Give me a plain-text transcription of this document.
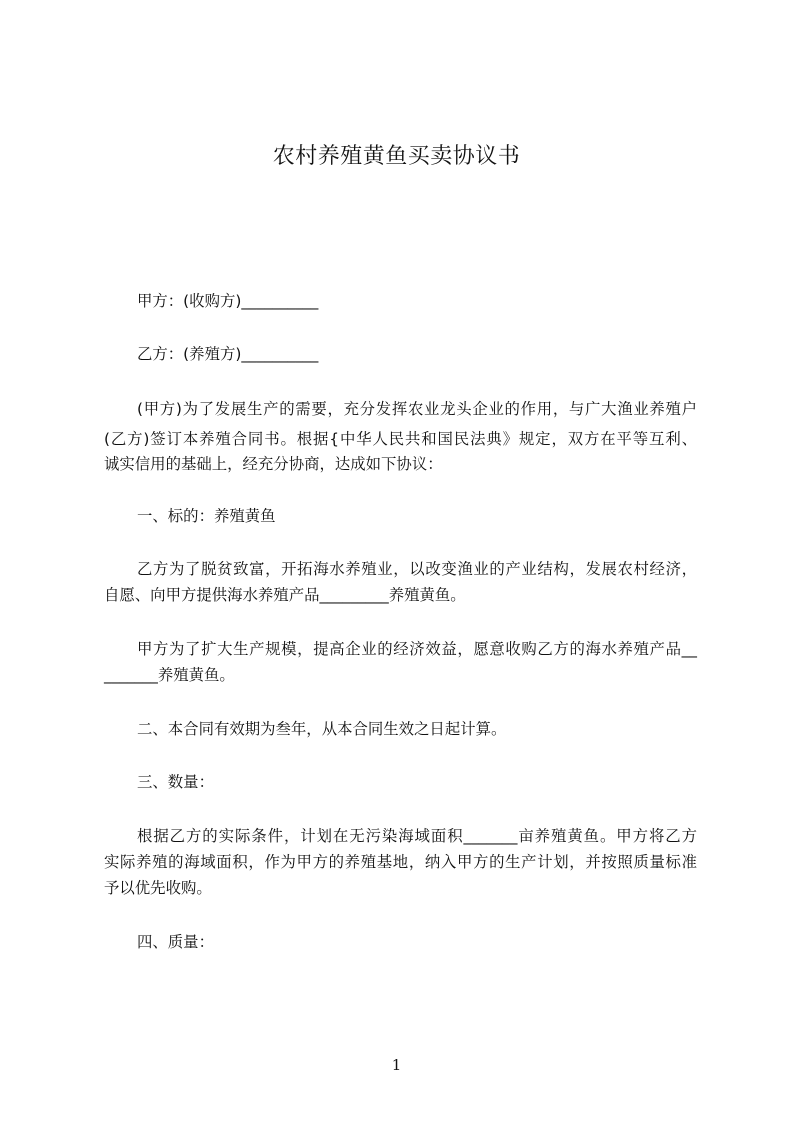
农村养殖黄鱼买卖协议书
甲方：(收购方)__________
乙方：(养殖方)__________
(甲方)为了发展生产的需要，充分发挥农业龙头企业的作用，与广大渔业养殖户
(乙方)签订本养殖合同书。根据{中华人民共和国民法典》规定，双方在平等互利、
诚实信用的基础上，经充分协商，达成如下协议：
一、标的：养殖黄鱼
乙方为了脱贫致富，开拓海水养殖业，以改变渔业的产业结构，发展农村经济，
自愿、向甲方提供海水养殖产品_________养殖黄鱼。
甲方为了扩大生产规模，提高企业的经济效益，愿意收购乙方的海水养殖产品__
_______养殖黄鱼。
二、本合同有效期为叁年，从本合同生效之日起计算。
三、数量：
根据乙方的实际条件，计划在无污染海域面积_______亩养殖黄鱼。甲方将乙方
实际养殖的海域面积，作为甲方的养殖基地，纳入甲方的生产计划，并按照质量标准
予以优先收购。
四、质量：
1
